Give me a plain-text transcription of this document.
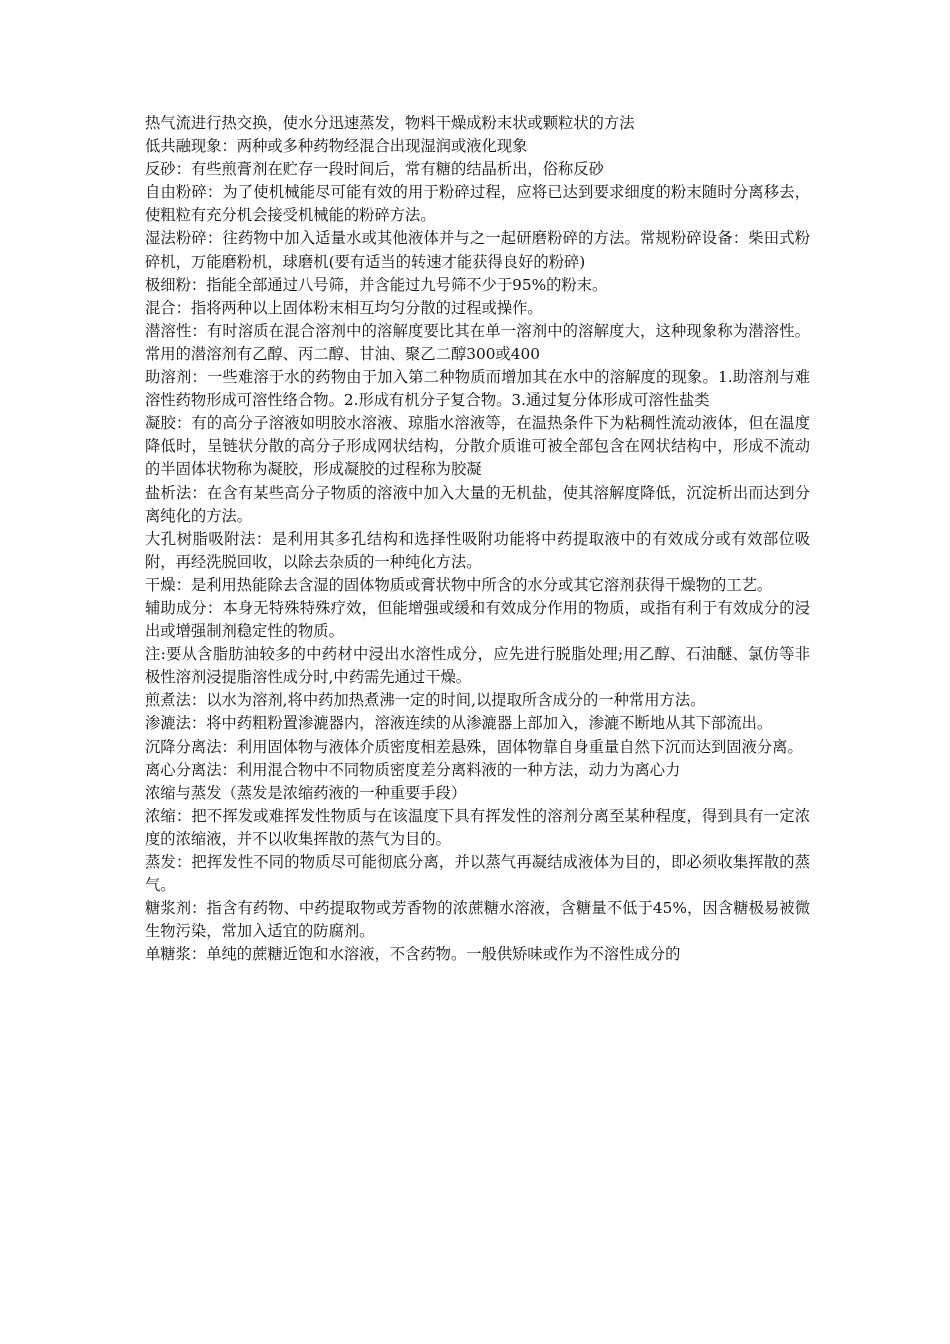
热气流进行热交换，使水分迅速蒸发，物料干燥成粉末状或颗粒状的方法

低共融现象：两种或多种药物经混合出现湿润或液化现象

反砂：有些煎膏剂在贮存一段时间后，常有糖的结晶析出，俗称反砂

自由粉碎：为了使机械能尽可能有效的用于粉碎过程，应将已达到要求细度的粉末随时分离移去，使粗粒有充分机会接受机械能的粉碎方法。

湿法粉碎：往药物中加入适量水或其他液体并与之一起研磨粉碎的方法。常规粉碎设备：柴田式粉碎机，万能磨粉机，球磨机(要有适当的转速才能获得良好的粉碎)

极细粉：指能全部通过八号筛，并含能过九号筛不少于95%的粉末。

混合：指将两种以上固体粉末相互均匀分散的过程或操作。

潜溶性：有时溶质在混合溶剂中的溶解度要比其在单一溶剂中的溶解度大，这种现象称为潜溶性。常用的潜溶剂有乙醇、丙二醇、甘油、聚乙二醇300或400

助溶剂：一些难溶于水的药物由于加入第二种物质而增加其在水中的溶解度的现象。1.助溶剂与难溶性药物形成可溶性络合物。2.形成有机分子复合物。3.通过复分体形成可溶性盐类

凝胶：有的高分子溶液如明胶水溶液、琼脂水溶液等，在温热条件下为粘稠性流动液体，但在温度降低时，呈链状分散的高分子形成网状结构，分散介质谁可被全部包含在网状结构中，形成不流动的半固体状物称为凝胶，形成凝胶的过程称为胶凝

盐析法：在含有某些高分子物质的溶液中加入大量的无机盐，使其溶解度降低，沉淀析出而达到分离纯化的方法。

大孔树脂吸附法：是利用其多孔结构和选择性吸附功能将中药提取液中的有效成分或有效部位吸附，再经洗脱回收，以除去杂质的一种纯化方法。

干燥：是利用热能除去含湿的固体物质或膏状物中所含的水分或其它溶剂获得干燥物的工艺。

辅助成分：本身无特殊特殊疗效，但能增强或缓和有效成分作用的物质，或指有利于有效成分的浸出或增强制剂稳定性的物质。

注:要从含脂肪油较多的中药材中浸出水溶性成分，应先进行脱脂处理;用乙醇、石油醚、氯仿等非极性溶剂浸提脂溶性成分时,中药需先通过干燥。

煎煮法：以水为溶剂,将中药加热煮沸一定的时间,以提取所含成分的一种常用方法。

渗漉法：将中药粗粉置渗漉器内，溶液连续的从渗漉器上部加入，渗漉不断地从其下部流出。

沉降分离法：利用固体物与液体介质密度相差悬殊，固体物靠自身重量自然下沉而达到固液分离。

离心分离法：利用混合物中不同物质密度差分离料液的一种方法，动力为离心力

浓缩与蒸发（蒸发是浓缩药液的一种重要手段）

浓缩：把不挥发或难挥发性物质与在该温度下具有挥发性的溶剂分离至某种程度，得到具有一定浓度的浓缩液，并不以收集挥散的蒸气为目的。

蒸发：把挥发性不同的物质尽可能彻底分离，并以蒸气再凝结成液体为目的，即必须收集挥散的蒸气。

糖浆剂：指含有药物、中药提取物或芳香物的浓蔗糖水溶液，含糖量不低于45%，因含糖极易被微生物污染，常加入适宜的防腐剂。

单糖浆：单纯的蔗糖近饱和水溶液，不含药物。一般供矫味或作为不溶性成分的
